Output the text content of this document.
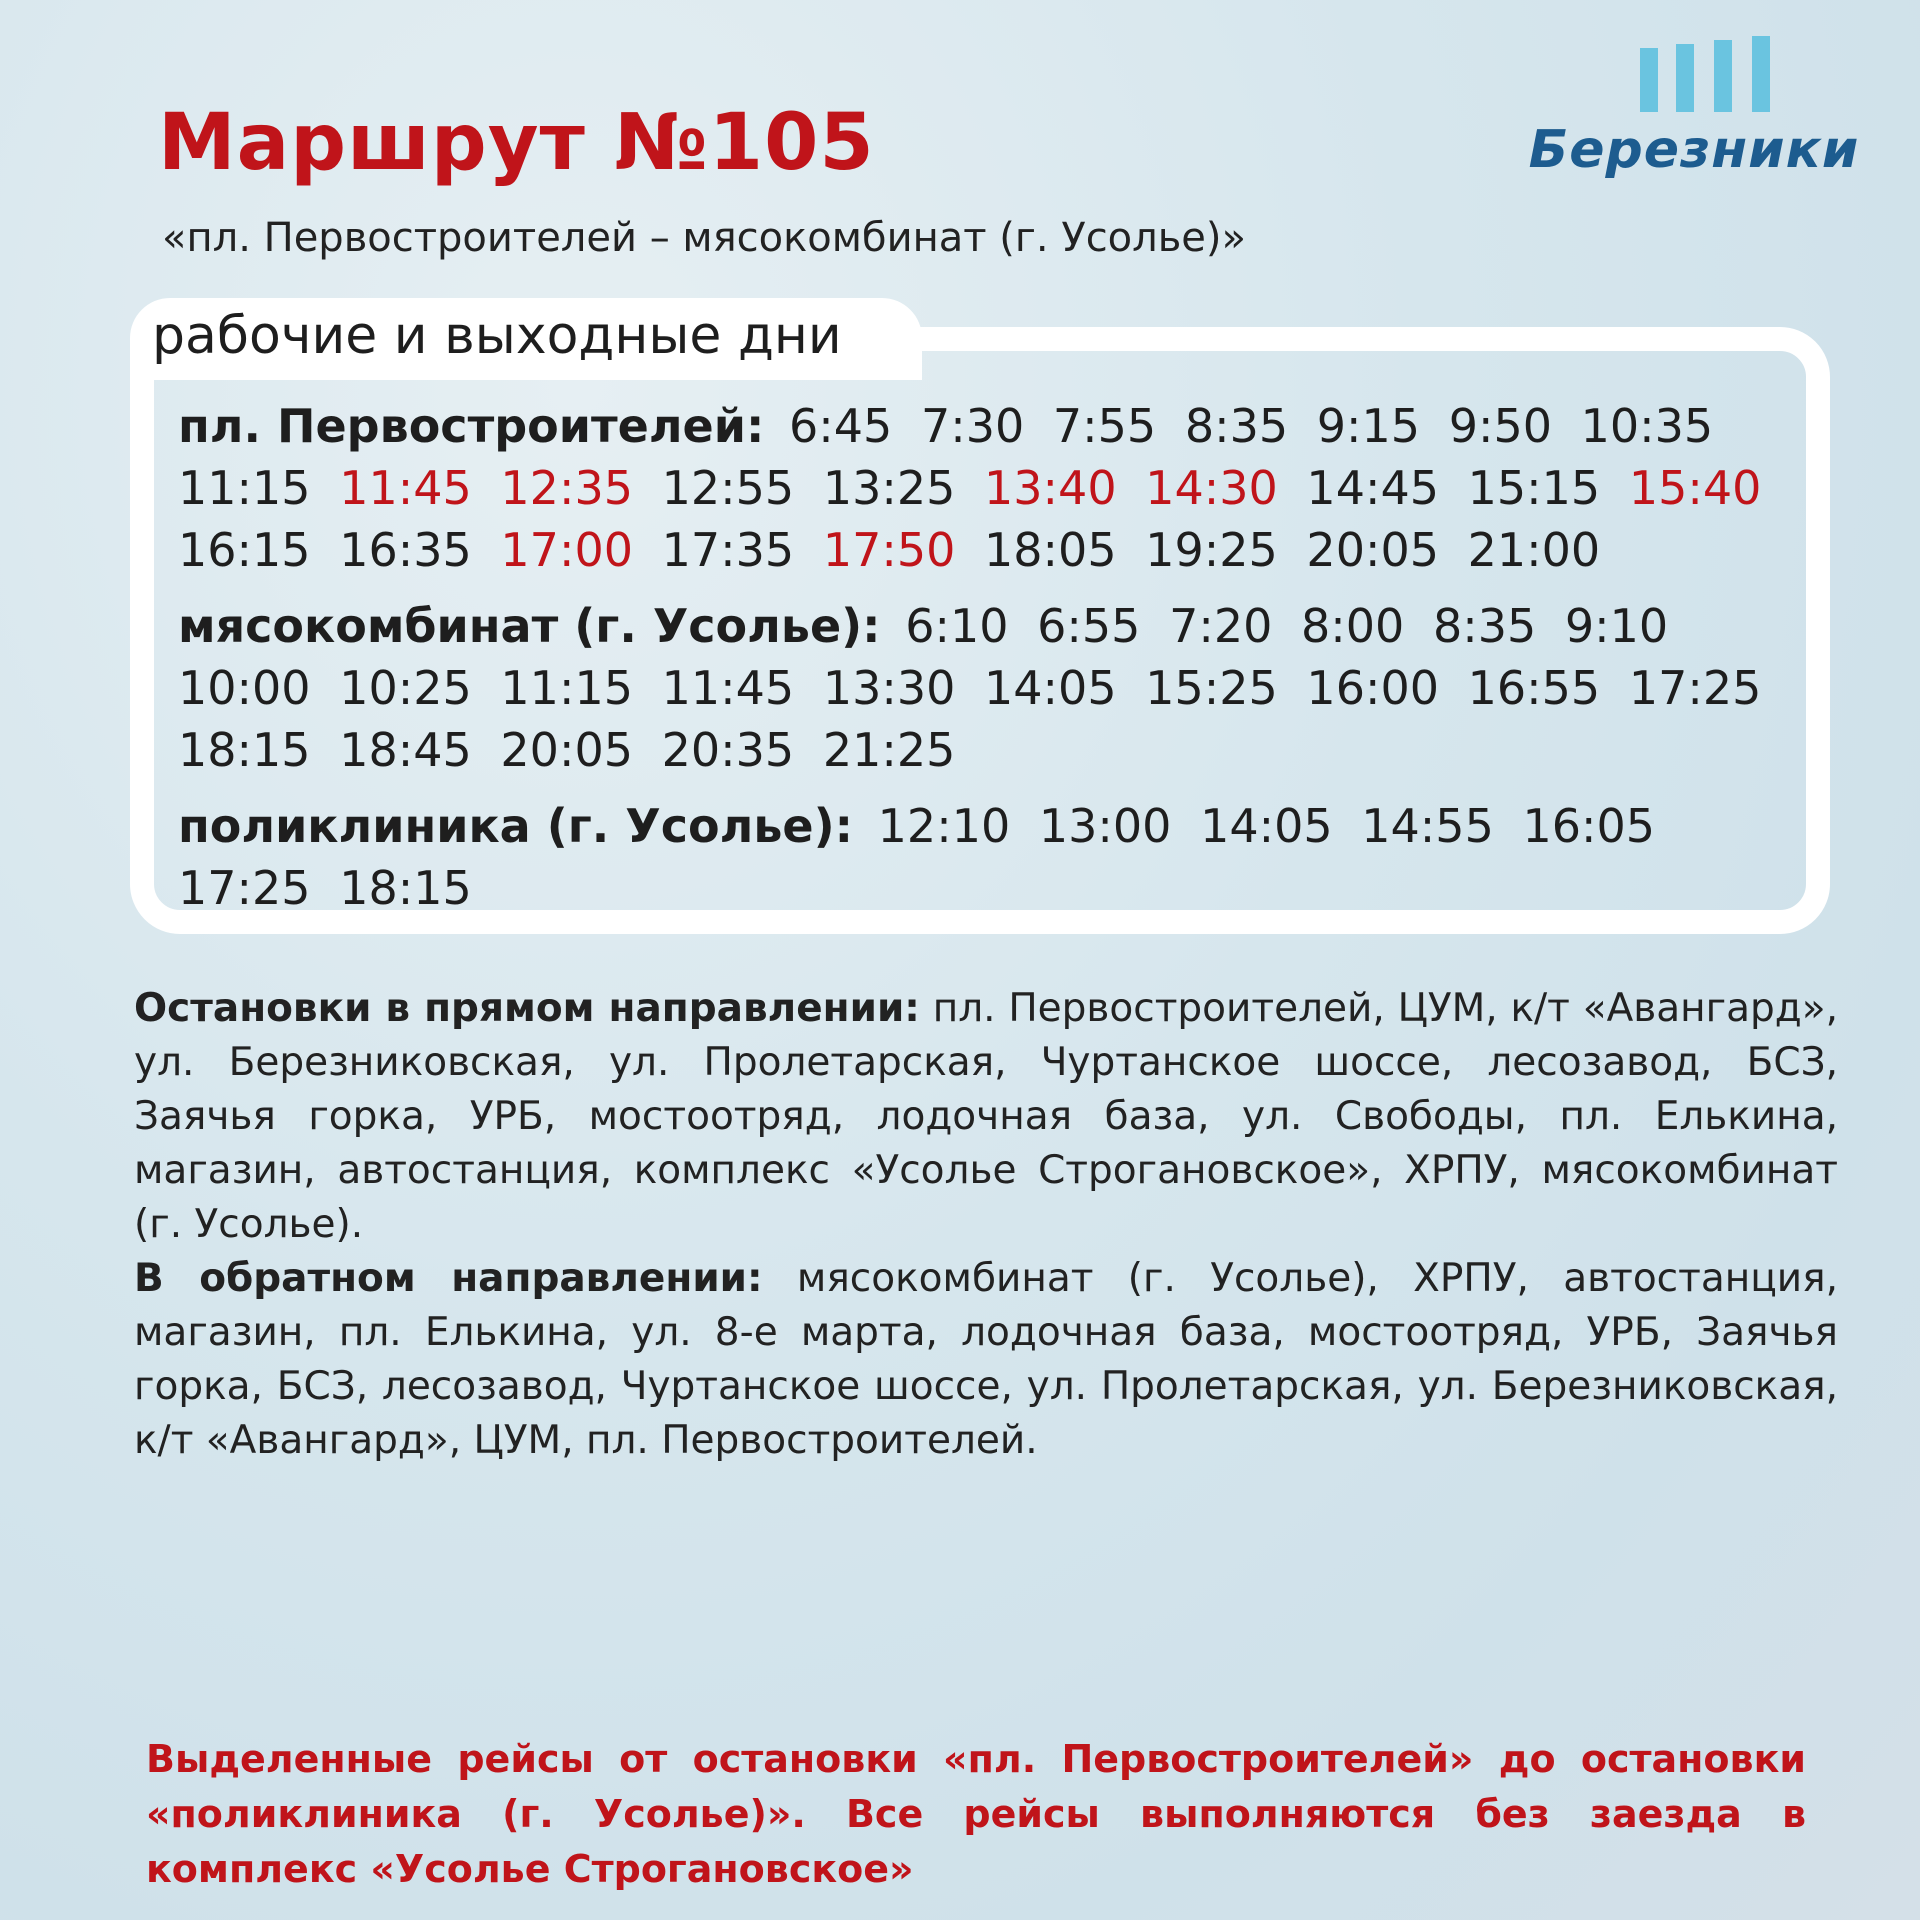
Маршрут №105
«пл. Первостроителей – мясокомбинат (г. Усолье)»
Березники
рабочие и выходные дни
пл. Первостроителей: 6:45 7:30 7:55 8:35 9:15 9:50 10:35 11:15 11:45 12:35 12:55 13:25 13:40 14:30 14:45 15:15 15:40 16:15 16:35 17:00 17:35 17:50 18:05 19:25 20:05 21:00
мясокомбинат (г. Усолье): 6:10 6:55 7:20 8:00 8:35 9:10 10:00 10:25 11:15 11:45 13:30 14:05 15:25 16:00 16:55 17:25 18:15 18:45 20:05 20:35 21:25
поликлиника (г. Усолье): 12:10 13:00 14:05 14:55 16:05 17:25 18:15

Остановки в прямом направлении: пл. Первостроителей, ЦУМ, к/т «Авангард», ул. Березниковская, ул. Пролетарская, Чуртанское шоссе, лесозавод, БСЗ, Заячья горка, УРБ, мостоотряд, лодочная база, ул. Свободы, пл. Елькина, магазин, автостанция, комплекс «Усолье Строгановское», ХРПУ, мясокомбинат (г. Усолье).

В обратном направлении: мясокомбинат (г. Усолье), ХРПУ, автостанция, магазин, пл. Елькина, ул. 8-е марта, лодочная база, мостоотряд, УРБ, Заячья горка, БСЗ, лесозавод, Чуртанское шоссе, ул. Пролетарская, ул. Березниковская, к/т «Авангард», ЦУМ, пл. Первостроителей.

Выделенные рейсы от остановки «пл. Первостроителей» до остановки «поликлиника (г. Усолье)». Все рейсы выполняются без заезда в комплекс «Усолье Строгановское»
